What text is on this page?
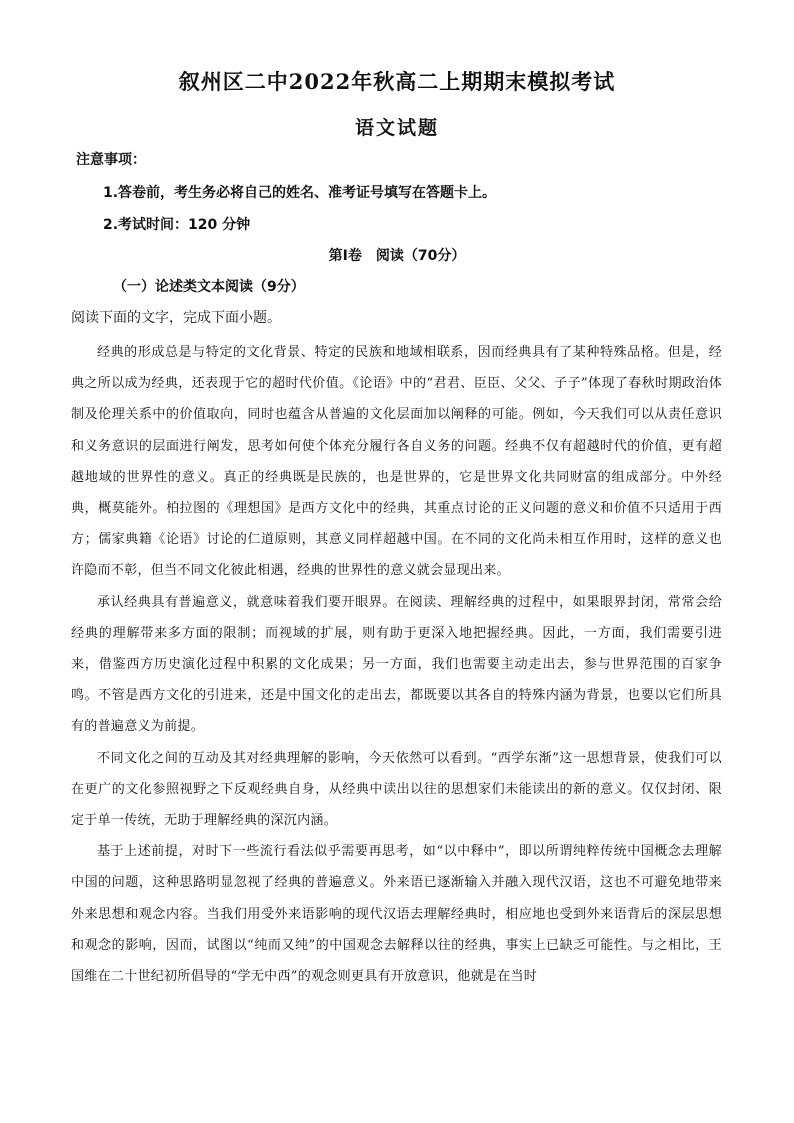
叙州区二中2022年秋高二上期期末模拟考试
语文试题
注意事项：
1.答卷前，考生务必将自己的姓名、准考证号填写在答题卡上。
2.考试时间：120 分钟
第Ⅰ卷　阅读（70分）
（一）论述类文本阅读（9分）
阅读下面的文字，完成下面小题。

经典的形成总是与特定的文化背景、特定的民族和地域相联系，因而经典具有了某种特殊品格。但是，经典之所以成为经典，还表现于它的超时代价值。《论语》中的“君君、臣臣、父父、子子”体现了春秋时期政治体制及伦理关系中的价值取向，同时也蕴含从普遍的文化层面加以阐释的可能。例如，今天我们可以从责任意识和义务意识的层面进行阐发，思考如何使个体充分履行各自义务的问题。经典不仅有超越时代的价值，更有超越地域的世界性的意义。真正的经典既是民族的，也是世界的，它是世界文化共同财富的组成部分。中外经典，概莫能外。柏拉图的《理想国》是西方文化中的经典，其重点讨论的正义问题的意义和价值不只适用于西方；儒家典籍《论语》讨论的仁道原则，其意义同样超越中国。在不同的文化尚未相互作用时，这样的意义也许隐而不彰，但当不同文化彼此相遇，经典的世界性的意义就会显现出来。

承认经典具有普遍意义，就意味着我们要开眼界。在阅读、理解经典的过程中，如果眼界封闭，常常会给经典的理解带来多方面的限制；而视域的扩展，则有助于更深入地把握经典。因此，一方面，我们需要引进来，借鉴西方历史演化过程中积累的文化成果；另一方面，我们也需要主动走出去，参与世界范围的百家争鸣。不管是西方文化的引进来，还是中国文化的走出去，都既要以其各自的特殊内涵为背景，也要以它们所具有的普遍意义为前提。

不同文化之间的互动及其对经典理解的影响，今天依然可以看到。“西学东渐”这一思想背景，使我们可以在更广的文化参照视野之下反观经典自身，从经典中读出以往的思想家们未能读出的新的意义。仅仅封闭、限定于单一传统，无助于理解经典的深沉内涵。

基于上述前提，对时下一些流行看法似乎需要再思考，如“以中释中”，即以所谓纯粹传统中国概念去理解中国的问题，这种思路明显忽视了经典的普遍意义。外来语已逐渐输入并融入现代汉语，这也不可避免地带来外来思想和观念内容。当我们用受外来语影响的现代汉语去理解经典时，相应地也受到外来语背后的深层思想和观念的影响，因而，试图以“纯而又纯”的中国观念去解释以往的经典，事实上已缺乏可能性。与之相比，王国维在二十世纪初所倡导的“学无中西”的观念则更具有开放意识，他就是在当时
